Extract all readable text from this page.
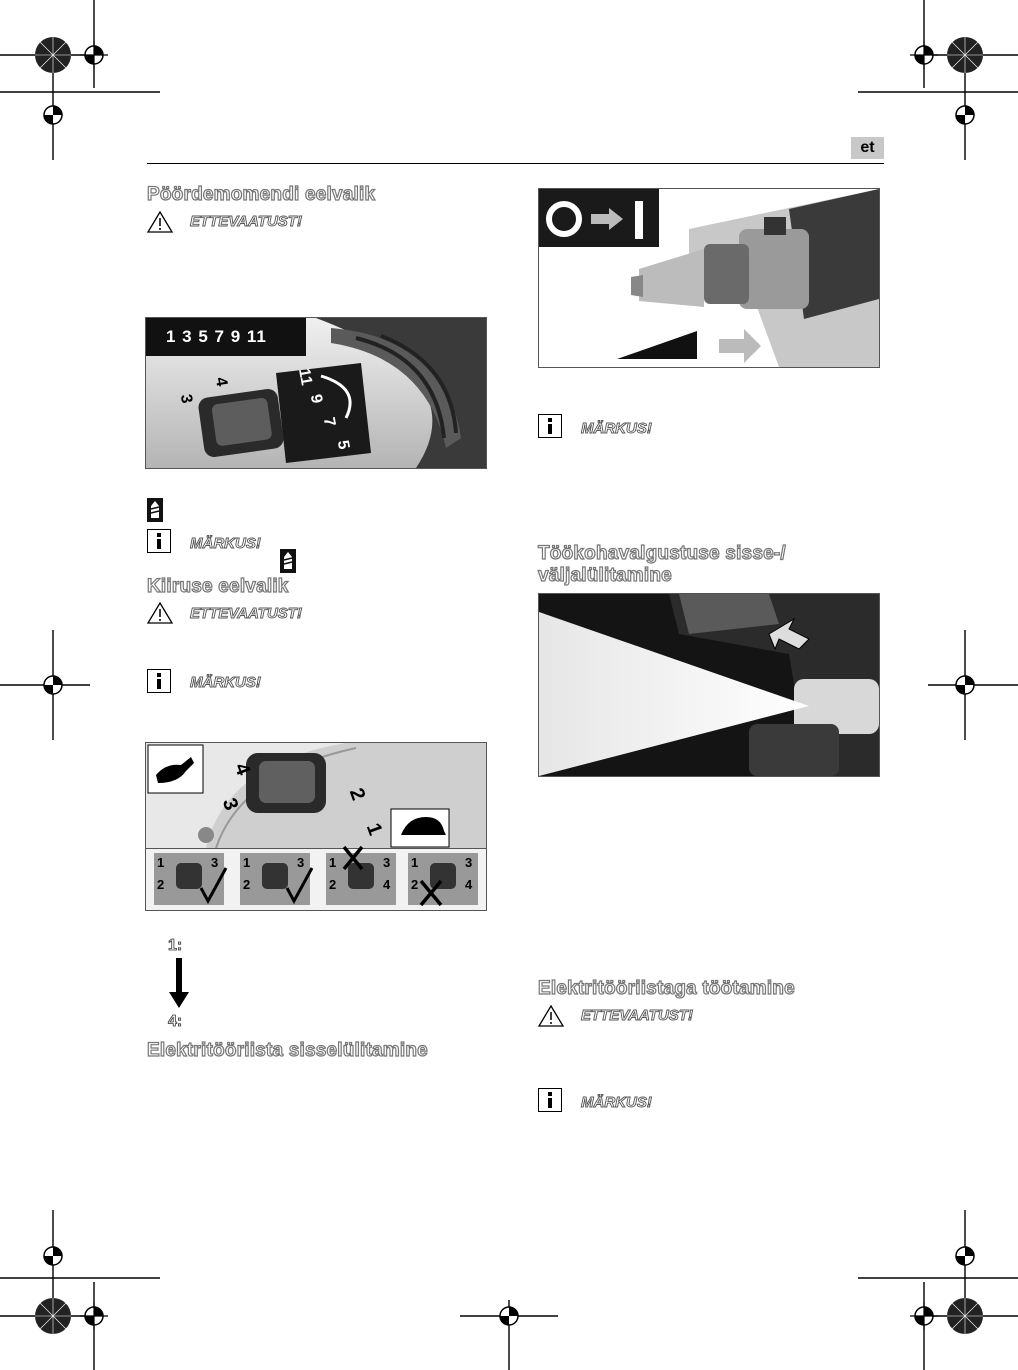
et
Pöördemomendi eelvalik
ETTEVAATUST!
1 3 5 7 9 11
3
4	11
9
7
5
MÄRKUS!
Kiiruse eelvalik
ETTEVAATUST!
MÄRKUS!
4
3
2
1
1	3
2
1	3
2
1	3
2	4
1	3
2	4
1:
4:
Elektritööriista sisselülitamine
MÄRKUS!
Töökohavalgustuse sisse-/
väljalülitamine
Elektritööriistaga töötamine
ETTEVAATUST!
MÄRKUS!
